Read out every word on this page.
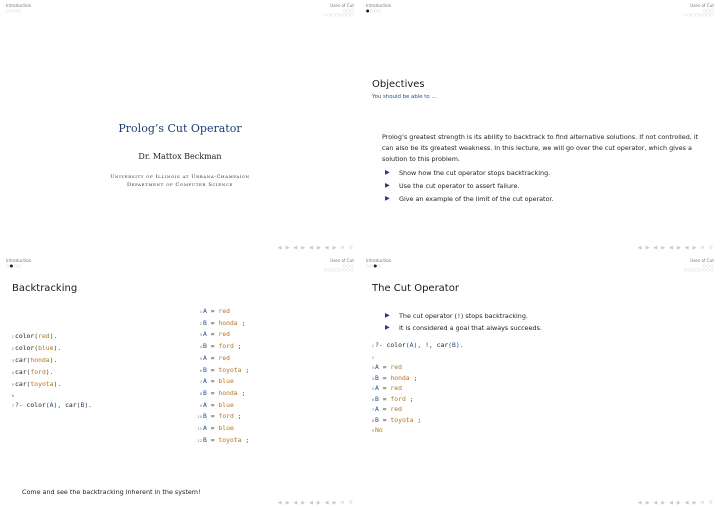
Introduction
○○○○
Uses of Cut
○○○
○○○○○○○○
Prolog’s Cut Operator
Dr. Mattox Beckman
University of Illinois at Urbana-Champaign
Department of Computer Science
◀ ▶ ◀ ▶ ◀ ▶ ◀ ▶ ≡ ↺
Introduction
●○○○
Uses of Cut
○○○
○○○○○○○○
Objectives
You should be able to ...
◀ ▶ ◀ ▶ ◀ ▶ ◀ ▶ ≡ ↺
Prolog’s greatest strength is its ability to backtrack to find alternative solutions. If not controlled, it can also be its greatest weakness. In this lecture, we will go over the cut operator, which gives a solution to this problem.
▶ Show how the cut operator stops backtracking.
▶ Use the cut operator to assert failure.
▶ Give an example of the limit of the cut operator.
Introduction
○●○○
Uses of Cut
○○○
○○○○○○○○
Backtracking
1color(red).
2color(blue).
3car(honda).
4car(ford).
5car(toyota).
6
7?- color(A), car(B).
1A = red
2B = honda ;
3A = red
4B = ford ;
5A = red
6B = toyota ;
7A = blue
8B = honda ;
9A = blue
10B = ford ;
11A = blue
12B = toyota ;
Come and see the backtracking inherent in the system!
◀ ▶ ◀ ▶ ◀ ▶ ◀ ▶ ≡ ↺
Introduction
○○●○
Uses of Cut
○○○
○○○○○○○○
The Cut Operator
▶ The cut operator (!) stops backtracking.
▶ It is considered a goal that always succeeds.
1?- color(A), !, car(B).
2
3A = red
4B = honda ;
5A = red
6B = ford ;
7A = red
8B = toyota ;
9No
◀ ▶ ◀ ▶ ◀ ▶ ◀ ▶ ≡ ↺
